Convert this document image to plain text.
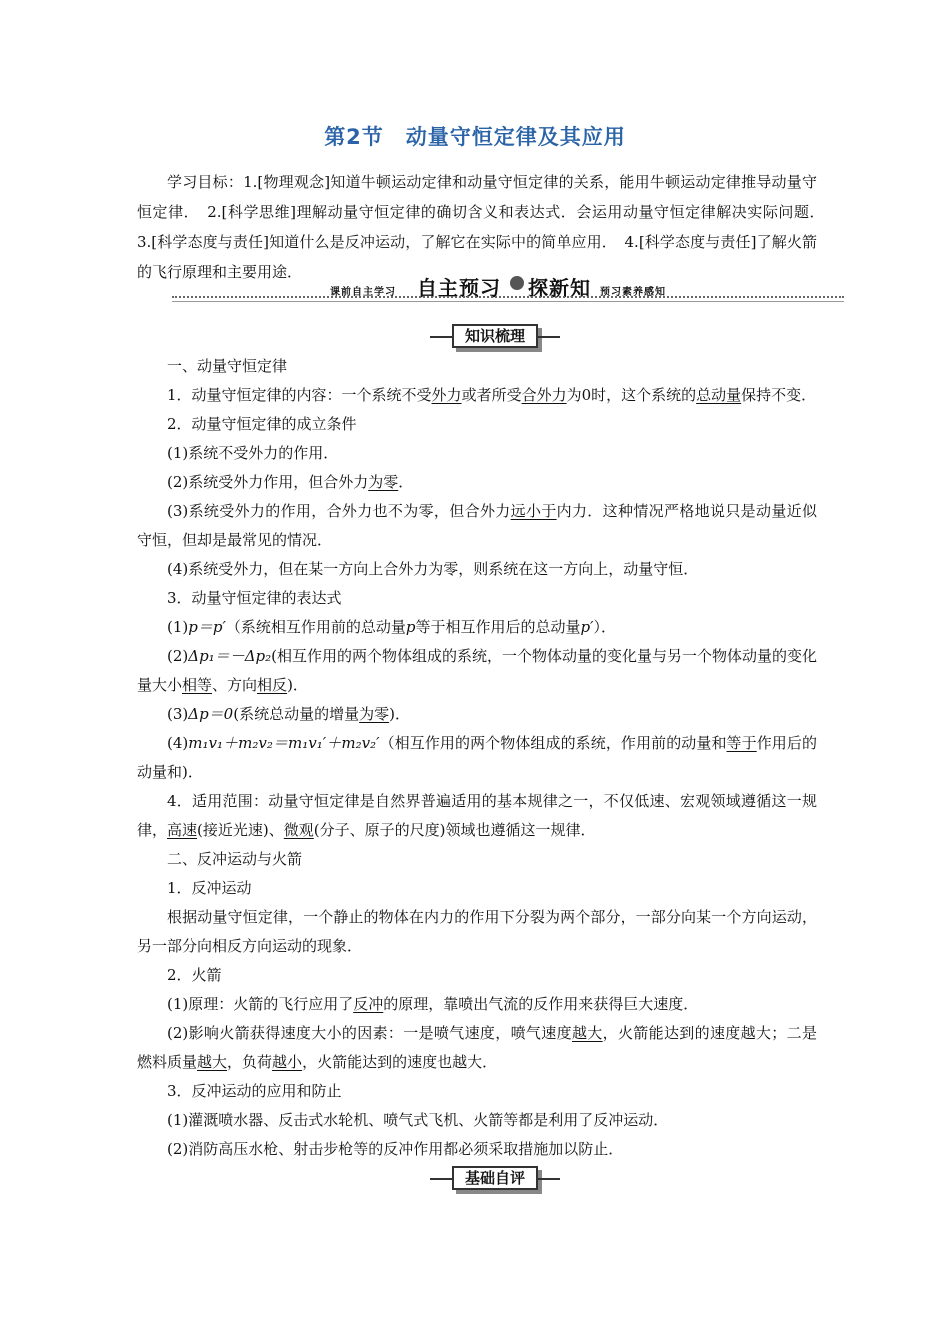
第2节　动量守恒定律及其应用

学习目标：1.[物理观念]知道牛顿运动定律和动量守恒定律的关系，能用牛顿运动定律推导动量守恒定律．　2.[科学思维]理解动量守恒定律的确切含义和表达式．会运用动量守恒定律解决实际问题．　3.[科学态度与责任]知道什么是反冲运动，了解它在实际中的简单应用．　4.[科学态度与责任]了解火箭的飞行原理和主要用途．

课前自主学习 自主预习 探新知 预习素养感知
知识梳理

一、动量守恒定律

1．动量守恒定律的内容：一个系统不受外力或者所受合外力为0时，这个系统的总动量保持不变．

2．动量守恒定律的成立条件

(1)系统不受外力的作用．

(2)系统受外力作用，但合外力为零．

(3)系统受外力的作用，合外力也不为零，但合外力远小于内力．这种情况严格地说只是动量近似守恒，但却是最常见的情况．

(4)系统受外力，但在某一方向上合外力为零，则系统在这一方向上，动量守恒．

3．动量守恒定律的表达式

(1)p＝p′（系统相互作用前的总动量p等于相互作用后的总动量p′）．

(2)Δp₁＝－Δp₂(相互作用的两个物体组成的系统，一个物体动量的变化量与另一个物体动量的变化量大小相等、方向相反)．

(3)Δp＝0(系统总动量的增量为零)．

(4)m₁v₁＋m₂v₂＝m₁v₁′＋m₂v₂′（相互作用的两个物体组成的系统，作用前的动量和等于作用后的动量和)．

4．适用范围：动量守恒定律是自然界普遍适用的基本规律之一，不仅低速、宏观领域遵循这一规律，高速(接近光速)、微观(分子、原子的尺度)领域也遵循这一规律．

二、反冲运动与火箭

1．反冲运动

根据动量守恒定律，一个静止的物体在内力的作用下分裂为两个部分，一部分向某一个方向运动，另一部分向相反方向运动的现象．

2．火箭

(1)原理：火箭的飞行应用了反冲的原理，靠喷出气流的反作用来获得巨大速度．

(2)影响火箭获得速度大小的因素：一是喷气速度，喷气速度越大，火箭能达到的速度越大；二是燃料质量越大，负荷越小，火箭能达到的速度也越大．

3．反冲运动的应用和防止

(1)灌溉喷水器、反击式水轮机、喷气式飞机、火箭等都是利用了反冲运动．

(2)消防高压水枪、射击步枪等的反冲作用都必须采取措施加以防止．

基础自评
